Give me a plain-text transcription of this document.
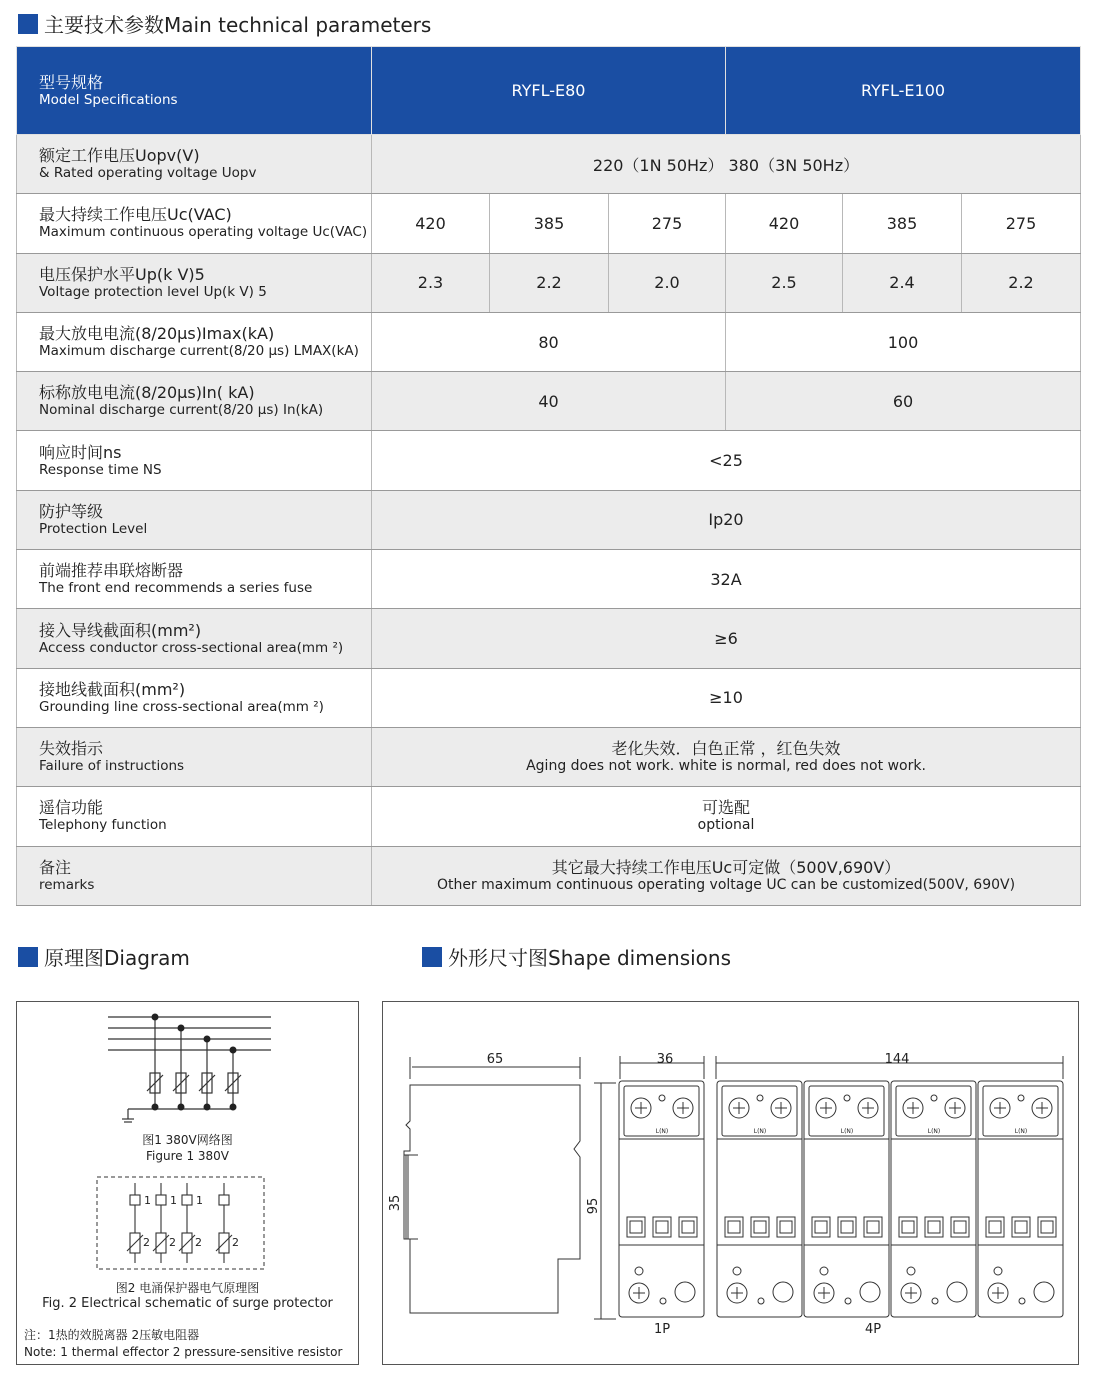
主要技术参数Main technical parameters
型号规格
Model Specifications	RYFL-E80			RYFL-E100		

额定工作电压Uopv(V)
& Rated operating voltage Uopv	220（1N 50Hz） 380（3N 50Hz）					

最大持续工作电压Uc(VAC)
Maximum continuous operating voltage Uc(VAC)	420	385	275	420	385	275

电压保护水平Up(k V)5
Voltage protection level Up(k V) 5	2.3	2.2	2.0	2.5	2.4	2.2

最大放电电流(8/20μs)Imax(kA)
Maximum discharge current(8/20 μs) LMAX(kA)	80			100		

标称放电电流(8/20μs)In( kA)
Nominal discharge current(8/20 μs) In(kA)	40			60		

响应时间ns
Response time NS	<25					

防护等级
Protection Level	Ip20					

前端推荐串联熔断器
The front end recommends a series fuse	32A					

接入导线截面积(mm²)
Access conductor cross-sectional area(mm ²)	≥6					

接地线截面积(mm²)
Grounding line cross-sectional area(mm ²)	≥10					

失效指示
Failure of instructions	老化失效．白色正常 ，红色失效
Aging does not work. white is normal, red does not work.					

遥信功能
Telephony function	可选配
optional					

备注
remarks	其它最大持续工作电压Uc可定做（500V,690V）
Other maximum continuous operating voltage UC can be customized(500V, 690V)					
原理图Diagram	外形尺寸图Shape dimensions
1 1 1
2 2 2	2
图1 380V网络图
Figure 1 380V
图2 电涌保护器电气原理图
Fig. 2 Electrical schematic of surge protector
注：1热的效脱离器 2压敏电阻器
Note: 1 thermal effector 2 pressure-sensitive resistor
65	36	144
95
35
1P	4P
L(N)	L(N)	L(N)	L(N)	L(N)
